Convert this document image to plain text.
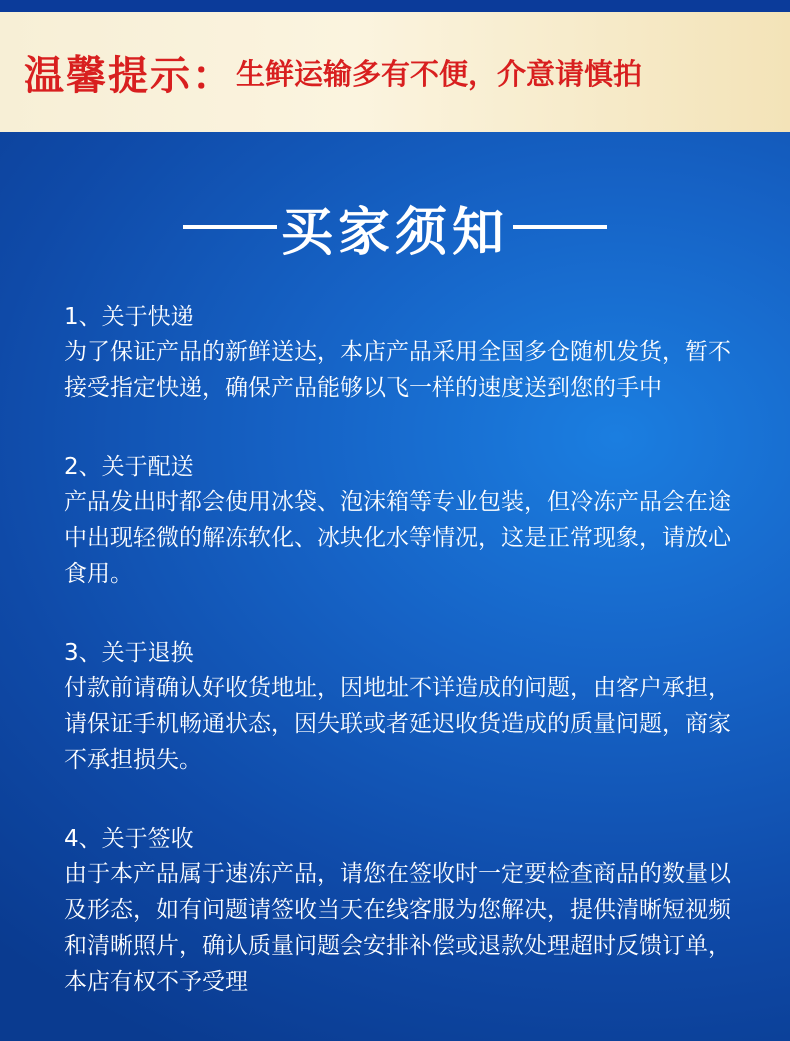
温馨提示： 生鲜运输多有不便，介意请慎拍
买家须知

1、关于快递

为了保证产品的新鲜送达，本店产品采用全国多仓随机发货，暂不接受指定快递，确保产品能够以飞一样的速度送到您的手中

2、关于配送

产品发出时都会使用冰袋、泡沫箱等专业包装，但冷冻产品会在途中出现轻微的解冻软化、冰块化水等情况，这是正常现象，请放心食用。

3、关于退换

付款前请确认好收货地址，因地址不详造成的问题，由客户承担，请保证手机畅通状态，因失联或者延迟收货造成的质量问题，商家不承担损失。

4、关于签收

由于本产品属于速冻产品，请您在签收时一定要检查商品的数量以及形态，如有问题请签收当天在线客服为您解决，提供清晰短视频和清晰照片，确认质量问题会安排补偿或退款处理超时反馈订单，本店有权不予受理
